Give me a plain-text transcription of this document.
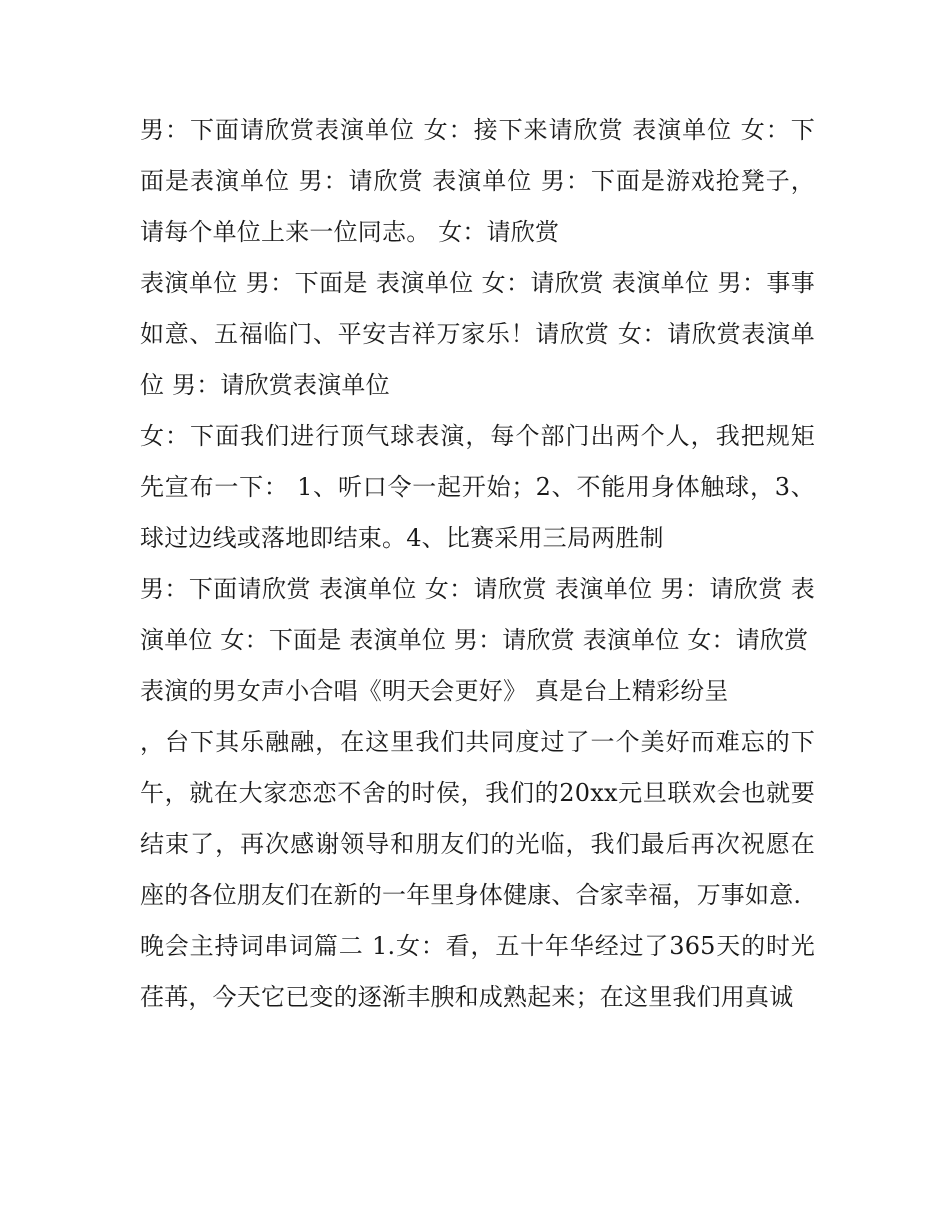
男：下面请欣赏表演单位 女：接下来请欣赏 表演单位 女：下面是表演单位 男：请欣赏 表演单位 男：下面是游戏抢凳子，请每个单位上来一位同志。 女：请欣赏

表演单位 男：下面是 表演单位 女：请欣赏 表演单位 男：事事如意、五福临门、平安吉祥万家乐！请欣赏 女：请欣赏表演单位 男：请欣赏表演单位

女：下面我们进行顶气球表演，每个部门出两个人，我把规矩先宣布一下： 1、听口令一起开始；2、不能用身体触球，3、球过边线或落地即结束。4、比赛采用三局两胜制

男：下面请欣赏 表演单位 女：请欣赏 表演单位 男：请欣赏 表演单位 女：下面是 表演单位 男：请欣赏 表演单位 女：请欣赏

表演的男女声小合唱《明天会更好》 真是台上精彩纷呈

，台下其乐融融，在这里我们共同度过了一个美好而难忘的下午，就在大家恋恋不舍的时侯，我们的20xx元旦联欢会也就要结束了，再次感谢领导和朋友们的光临，我们最后再次祝愿在座的各位朋友们在新的一年里身体健康、合家幸福，万事如意.

晚会主持词串词篇二 1.女：看，五十年华经过了365天的时光荏苒，今天它已变的逐渐丰腴和成熟起来；在这里我们用真诚
